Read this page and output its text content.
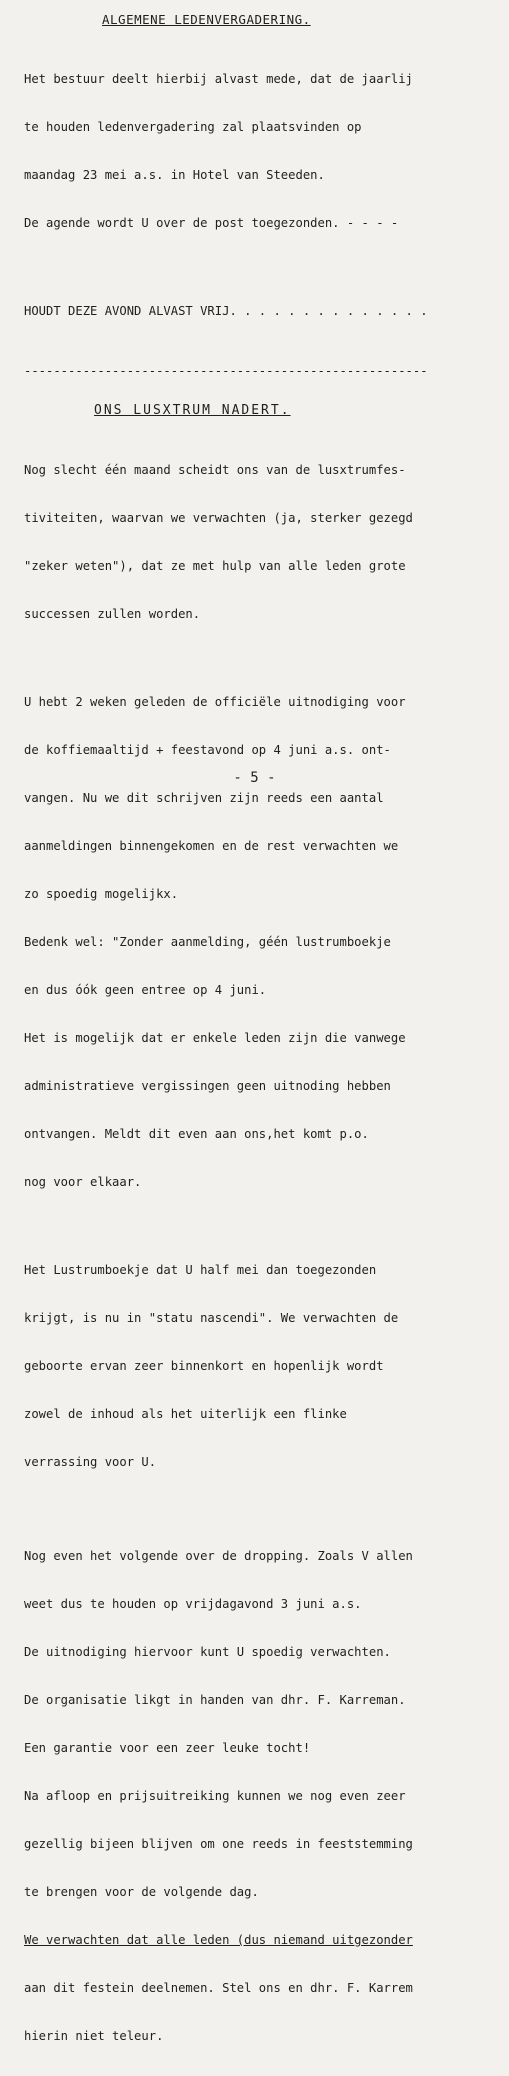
ALGEMENE LEDENVERGADERING.

Het bestuur deelt hierbij alvast mede, dat de jaarlij

te houden ledenvergadering zal plaatsvinden op

maandag 23 mei a.s. in Hotel van Steeden.

De agende wordt U over de post toegezonden. - - - -

HOUDT DEZE AVOND ALVAST VRIJ. . . . . . . . . . . . . .

-------------------------------------------------------
ONS LUSXTRUM NADERT.

Nog slecht één maand scheidt ons van de lusxtrumfes-

tiviteiten, waarvan we verwachten (ja, sterker gezegd

"zeker weten"), dat ze met hulp van alle leden grote

successen zullen worden.

U hebt 2 weken geleden de officiële uitnodiging voor

de koffiemaaltijd + feestavond op 4 juni a.s. ont-

vangen. Nu we dit schrijven zijn reeds een aantal

aanmeldingen binnengekomen en de rest verwachten we

zo spoedig mogelijkx.

Bedenk wel: "Zonder aanmelding, géén lustrumboekje

en dus óók geen entree op 4 juni.

Het is mogelijk dat er enkele leden zijn die vanwege

administratieve vergissingen geen uitnoding hebben

ontvangen. Meldt dit even aan ons,het komt p.o.

nog voor elkaar.

Het Lustrumboekje dat U half mei dan toegezonden

krijgt, is nu in "statu nascendi". We verwachten de

geboorte ervan zeer binnenkort en hopenlijk wordt

zowel de inhoud als het uiterlijk een flinke

verrassing voor U.

Nog even het volgende over de dropping. Zoals V allen

weet dus te houden op vrijdagavond 3 juni a.s.

De uitnodiging hiervoor kunt U spoedig verwachten.

De organisatie likgt in handen van dhr. F. Karreman.

Een garantie voor een zeer leuke tocht!

Na afloop en prijsuitreiking kunnen we nog even zeer

gezellig bijeen blijven om one reeds in feeststemming

te brengen voor de volgende dag.

We verwachten dat alle leden (dus niemand uitgezonder

aan dit festein deelnemen. Stel ons en dhr. F. Karrem

hierin niet teleur.

- 5 -
